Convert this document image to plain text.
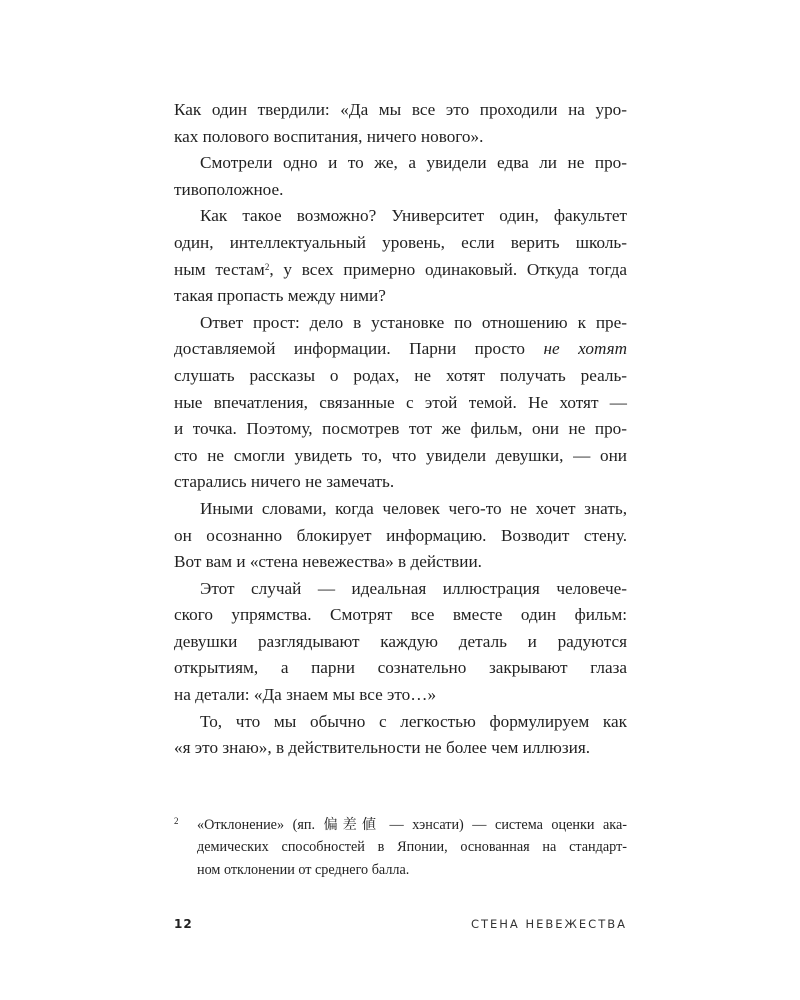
Как один твердили: «Да мы все это проходили на уро-
ках полового воспитания, ничего нового».
Смотрели одно и то же, а увидели едва ли не про-
тивоположное.
Как такое возможно? Университет один, факультет
один, интеллектуальный уровень, если верить школь-
ным тестам$^2$, у всех примерно одинаковый. Откуда тогда
такая пропасть между ними?
Ответ прост: дело в установке по отношению к пре-
доставляемой информации. Парни просто не хотят
слушать рассказы о родах, не хотят получать реаль-
ные впечатления, связанные с этой темой. Не хотят —
и точка. Поэтому, посмотрев тот же фильм, они не про-
сто не смогли увидеть то, что увидели девушки, — они
старались ничего не замечать.
Иными словами, когда человек чего-то не хочет знать,
он осознанно блокирует информацию. Возводит стену.
Вот вам и «стена невежества» в действии.
Этот случай — идеальная иллюстрация человече-
ского упрямства. Смотрят все вместе один фильм:
девушки разглядывают каждую деталь и радуются
открытиям, а парни сознательно закрывают глаза
на детали: «Да знаем мы все это…»
То, что мы обычно с легкостью формулируем как
«я это знаю», в действительности не более чем иллюзия.
2 «Отклонение» (яп. 偏差値 — хэнсати) — система оценки ака-
демических способностей в Японии, основанная на стандарт-
ном отклонении от среднего балла.
12	СТЕНА НЕВЕЖЕСТВА
